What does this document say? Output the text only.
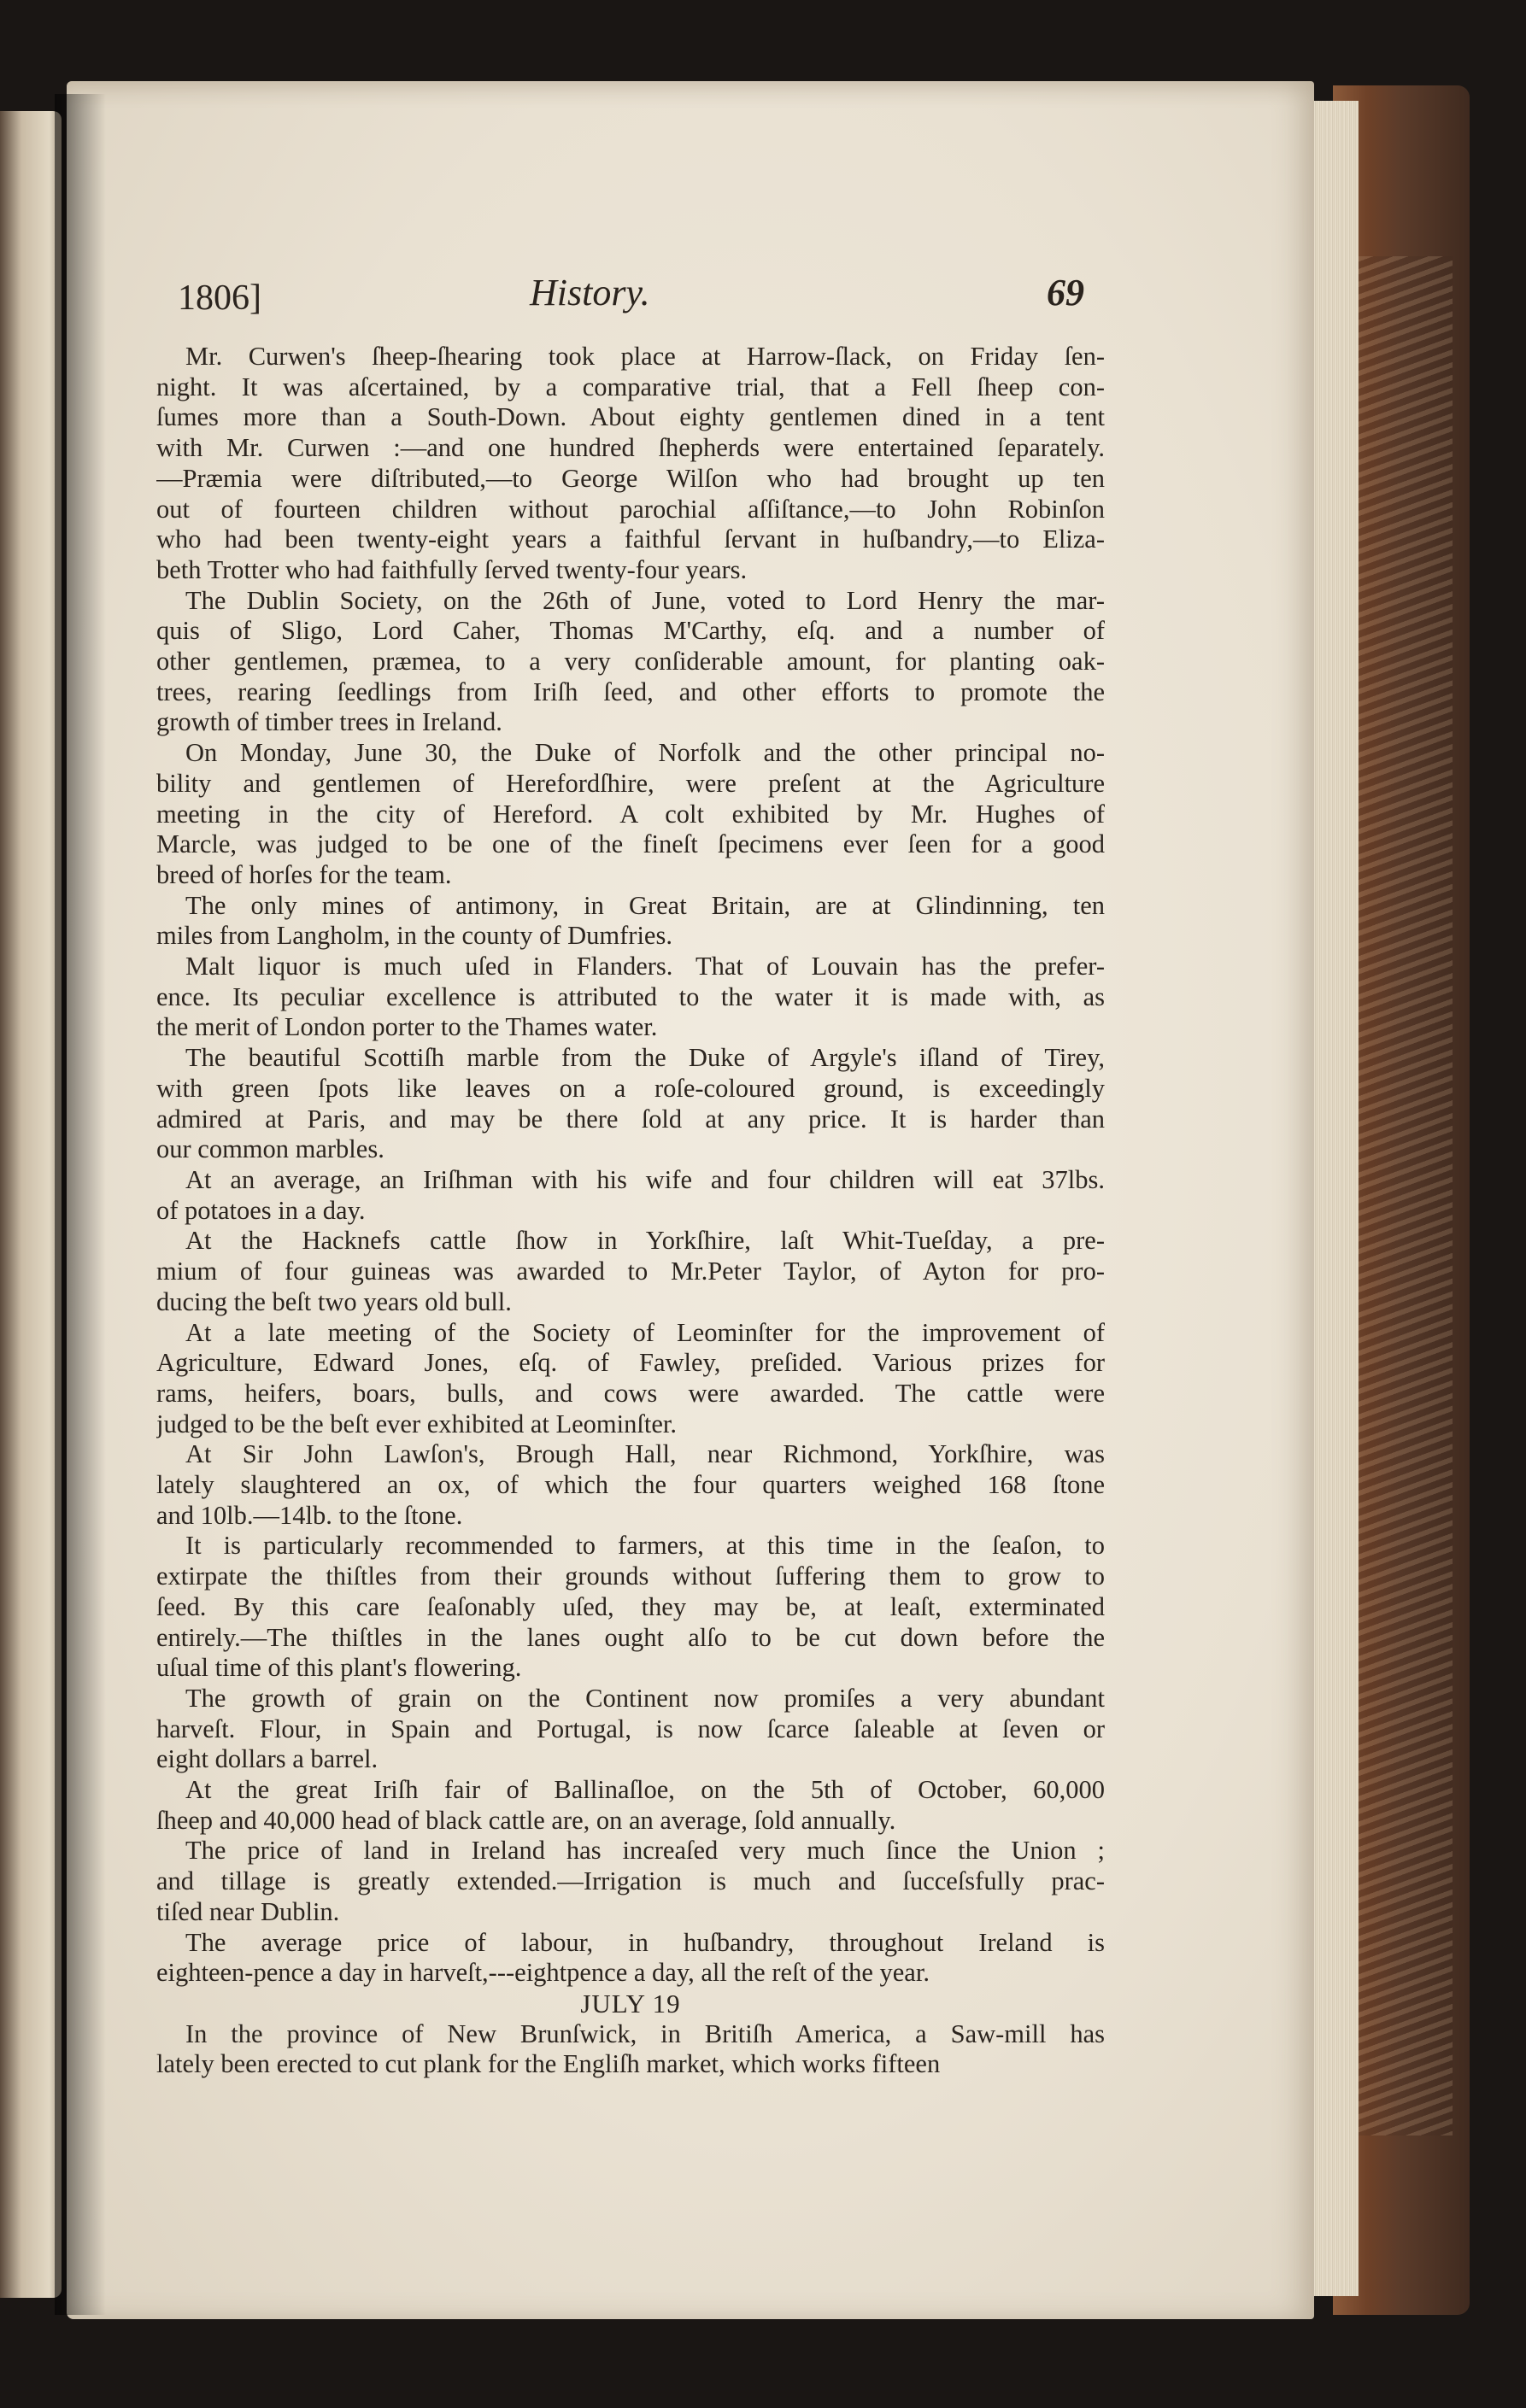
1806]	History.	69

Mr. Curwen's ſheep-ſhearing took place at Harrow-ſlack, on Friday ſen-
night. It was aſcertained, by a comparative trial, that a Fell ſheep con-
ſumes more than a South-Down. About eighty gentlemen dined in a tent
with Mr. Curwen :—and one hundred ſhepherds were entertained ſeparately.
—Præmia were diſtributed,—to George Wilſon who had brought up ten
out of fourteen children without parochial aſſiſtance,—to John Robinſon
who had been twenty-eight years a faithful ſervant in huſbandry,—to Eliza-
beth Trotter who had faithfully ſerved twenty-four years.

The Dublin Society, on the 26th of June, voted to Lord Henry the mar-
quis of Sligo, Lord Caher, Thomas M'Carthy, eſq. and a number of
other gentlemen, præmea, to a very conſiderable amount, for planting oak-
trees, rearing ſeedlings from Iriſh ſeed, and other efforts to promote the
growth of timber trees in Ireland.

On Monday, June 30, the Duke of Norfolk and the other principal no-
bility and gentlemen of Herefordſhire, were preſent at the Agriculture
meeting in the city of Hereford. A colt exhibited by Mr. Hughes of
Marcle, was judged to be one of the fineſt ſpecimens ever ſeen for a good
breed of horſes for the team.

The only mines of antimony, in Great Britain, are at Glindinning, ten
miles from Langholm, in the county of Dumfries.

Malt liquor is much uſed in Flanders. That of Louvain has the prefer-
ence. Its peculiar excellence is attributed to the water it is made with, as
the merit of London porter to the Thames water.

The beautiful Scottiſh marble from the Duke of Argyle's iſland of Tirey,
with green ſpots like leaves on a roſe-coloured ground, is exceedingly
admired at Paris, and may be there ſold at any price. It is harder than
our common marbles.

At an average, an Iriſhman with his wife and four children will eat 37lbs.
of potatoes in a day.

At the Hacknefs cattle ſhow in Yorkſhire, laſt Whit-Tueſday, a pre-
mium of four guineas was awarded to Mr.Peter Taylor, of Ayton for pro-
ducing the beſt two years old bull.

At a late meeting of the Society of Leominſter for the improvement of
Agriculture, Edward Jones, eſq. of Fawley, preſided. Various prizes for
rams, heifers, boars, bulls, and cows were awarded. The cattle were
judged to be the beſt ever exhibited at Leominſter.

At Sir John Lawſon's, Brough Hall, near Richmond, Yorkſhire, was
lately slaughtered an ox, of which the four quarters weighed 168 ſtone
and 10lb.—14lb. to the ſtone.

It is particularly recommended to farmers, at this time in the ſeaſon, to
extirpate the thiſtles from their grounds without ſuffering them to grow to
ſeed. By this care ſeaſonably uſed, they may be, at leaſt, exterminated
entirely.—The thiſtles in the lanes ought alſo to be cut down before the
uſual time of this plant's flowering.

The growth of grain on the Continent now promiſes a very abundant
harveſt. Flour, in Spain and Portugal, is now ſcarce ſaleable at ſeven or
eight dollars a barrel.

At the great Iriſh fair of Ballinaſloe, on the 5th of October, 60,000
ſheep and 40,000 head of black cattle are, on an average, ſold annually.

The price of land in Ireland has increaſed very much ſince the Union ;
and tillage is greatly extended.—Irrigation is much and ſucceſsfully prac-
tiſed near Dublin.

The average price of labour, in huſbandry, throughout Ireland is
eighteen-pence a day in harveſt,---eightpence a day, all the reſt of the year.

JULY 19

In the province of New Brunſwick, in Britiſh America, a Saw-mill has
lately been erected to cut plank for the Engliſh market, which works fifteen
